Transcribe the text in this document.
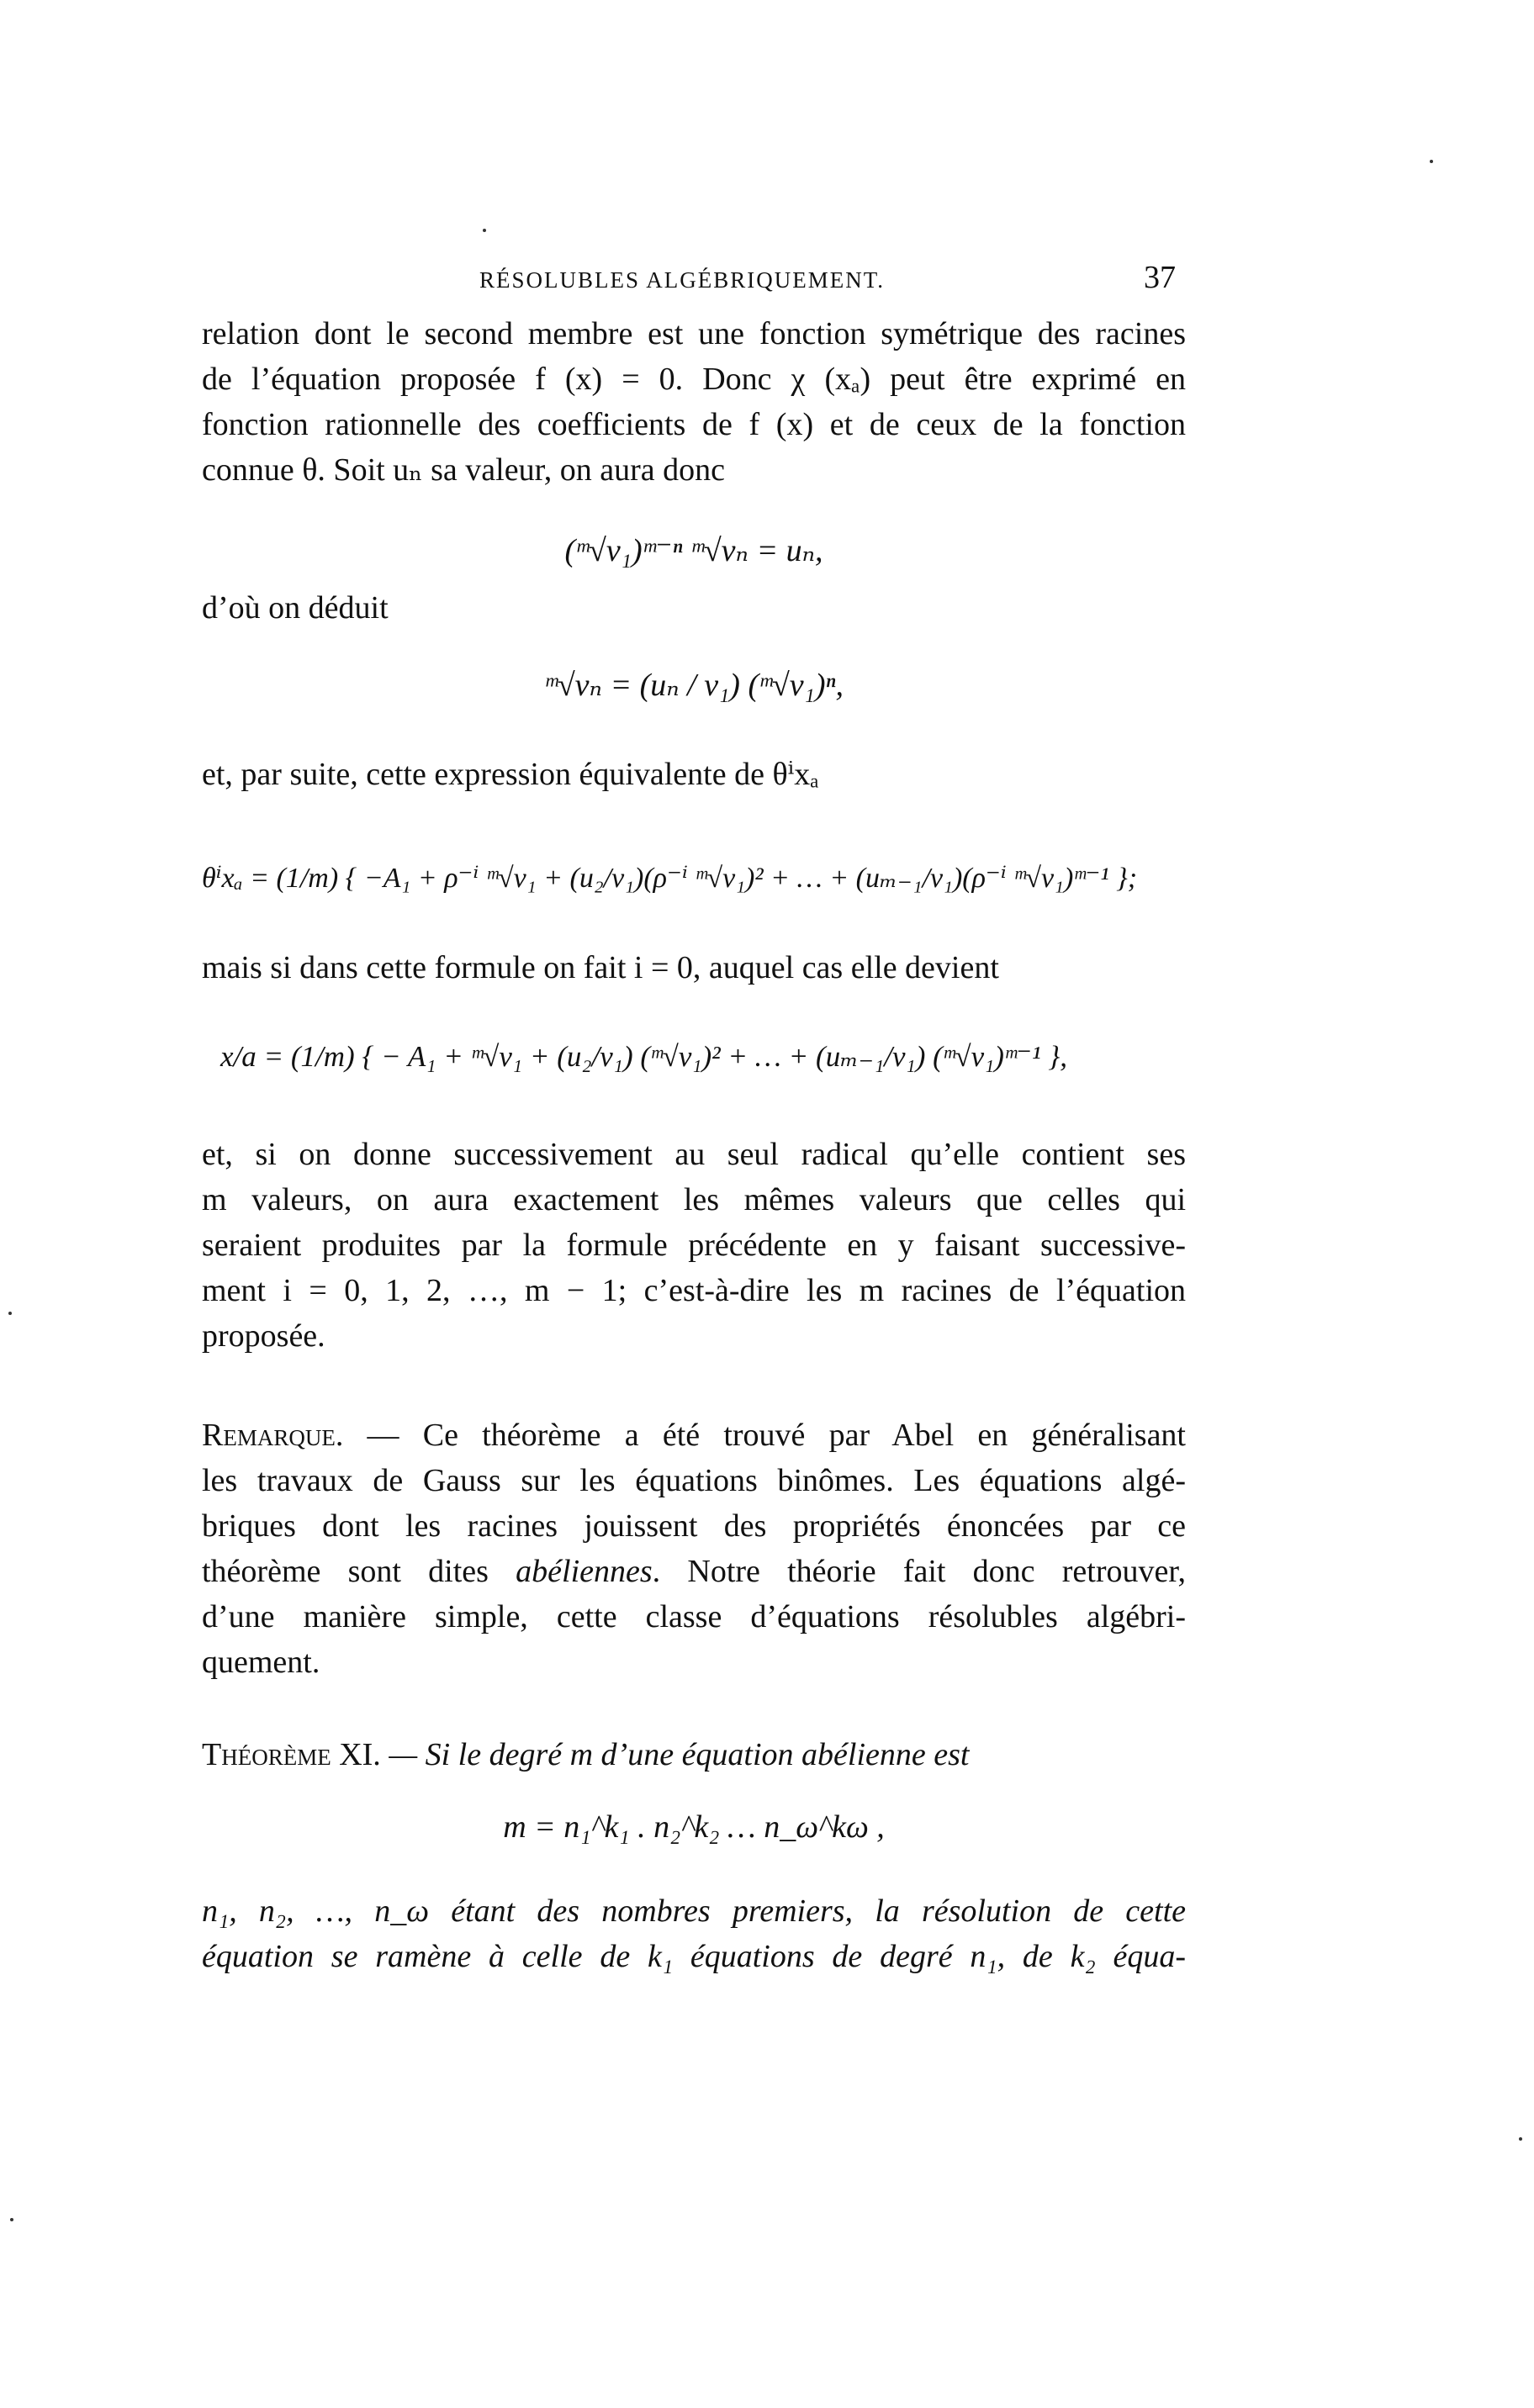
RÉSOLUBLES ALGÉBRIQUEMENT.	37
relation dont le second membre est une fonction symétrique des racines
de l’équation proposée f (x) = 0. Donc χ (xₐ) peut être exprimé en
fonction rationnelle des coefficients de f (x) et de ceux de la fonction
connue θ. Soit uₙ sa valeur, on aura donc
(ᵐ√v₁)ᵐ⁻ⁿ ᵐ√vₙ = uₙ,
d’où on déduit
ᵐ√vₙ = (uₙ / v₁) (ᵐ√v₁)ⁿ,
et, par suite, cette expression équivalente de θⁱxₐ
θⁱxₐ = (1/m) { −A₁ + ρ⁻ⁱ ᵐ√v₁ + (u₂/v₁)(ρ⁻ⁱ ᵐ√v₁)² + … + (uₘ₋₁/v₁)(ρ⁻ⁱ ᵐ√v₁)ᵐ⁻¹ };
mais si dans cette formule on fait i = 0, auquel cas elle devient
x/a = (1/m) { − A₁ + ᵐ√v₁ + (u₂/v₁) (ᵐ√v₁)² + … + (uₘ₋₁/v₁) (ᵐ√v₁)ᵐ⁻¹ },
et, si on donne successivement au seul radical qu’elle contient ses
m valeurs, on aura exactement les mêmes valeurs que celles qui
seraient produites par la formule précédente en y faisant successive-
ment i = 0, 1, 2, …, m − 1; c’est-à-dire les m racines de l’équation
proposée.
Remarque. — Ce théorème a été trouvé par Abel en généralisant
les travaux de Gauss sur les équations binômes. Les équations algé-
briques dont les racines jouissent des propriétés énoncées par ce
théorème sont dites abéliennes. Notre théorie fait donc retrouver,
d’une manière simple, cette classe d’équations résolubles algébri-
quement.
Théorème XI. — Si le degré m d’une équation abélienne est
m = n₁^k₁ . n₂^k₂ … n_ω^kω ,
n₁, n₂, …, n_ω étant des nombres premiers, la résolution de cette
équation se ramène à celle de k₁ équations de degré n₁, de k₂ équa-
